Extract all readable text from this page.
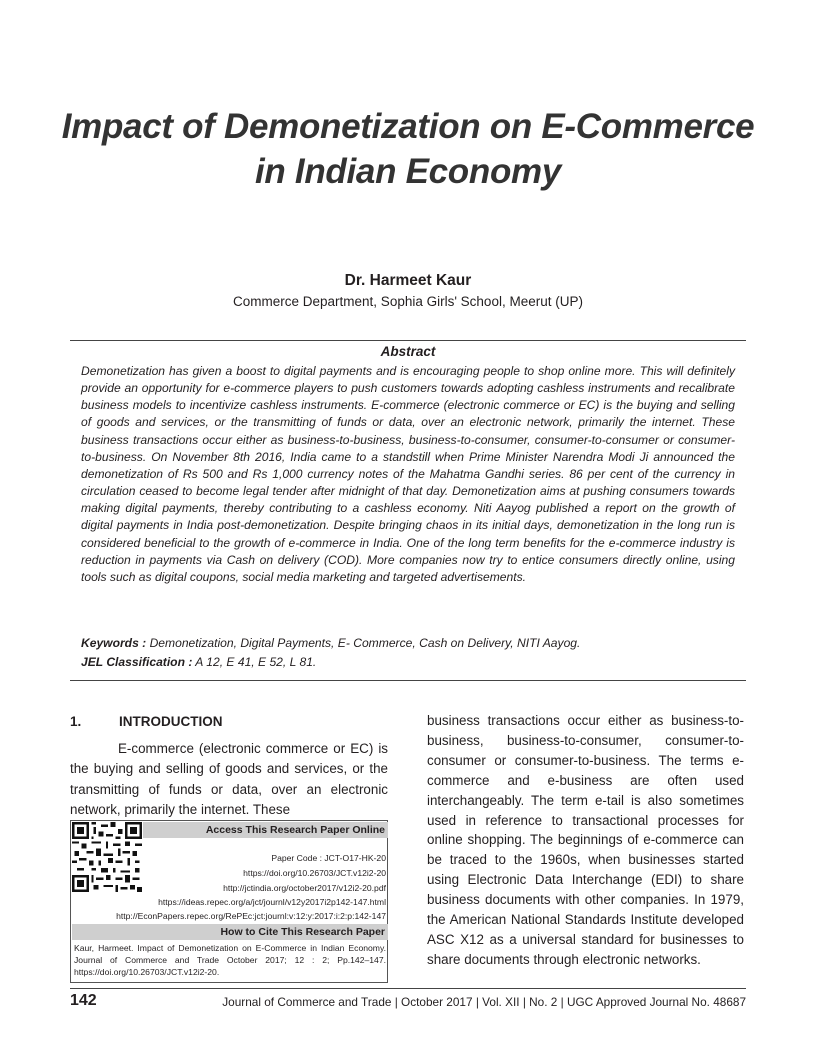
Impact of Demonetization on E-Commerce
in Indian Economy
Dr. Harmeet Kaur
Commerce Department, Sophia Girls' School, Meerut (UP)
Abstract
Demonetization has given a boost to digital payments and is encouraging people to shop online more. This will definitely provide an opportunity for e-commerce players to push customers towards adopting cashless instruments and recalibrate business models to incentivize cashless instruments. E-commerce (electronic commerce or EC) is the buying and selling of goods and services, or the transmitting of funds or data, over an electronic network, primarily the internet. These business transactions occur either as business-to-business, business-to-consumer, consumer-to-consumer or consumer-to-business. On November 8th 2016, India came to a standstill when Prime Minister Narendra Modi Ji announced the demonetization of Rs 500 and Rs 1,000 currency notes of the Mahatma Gandhi series. 86 per cent of the currency in circulation ceased to become legal tender after midnight of that day. Demonetization aims at pushing consumers towards making digital payments, thereby contributing to a cashless economy. Niti Aayog published a report on the growth of digital payments in India post-demonetization. Despite bringing chaos in its initial days, demonetization in the long run is considered beneficial to the growth of e-commerce in India. One of the long term benefits for the e-commerce industry is reduction in payments via Cash on delivery (COD). More companies now try to entice consumers directly online, using tools such as digital coupons, social media marketing and targeted advertisements.
Keywords : Demonetization, Digital Payments, E- Commerce, Cash on Delivery, NITI Aayog.
JEL Classification : A 12, E 41, E 52, L 81.
1.	INTRODUCTION
E-commerce (electronic commerce or EC) is the buying and selling of goods and services, or the transmitting of funds or data, over an electronic network, primarily the internet. These
business transactions occur either as business-to-business, business-to-consumer, consumer-to-consumer or consumer-to-business. The terms e-commerce and e-business are often used interchangeably. The term e-tail is also sometimes used in reference to transactional processes for online shopping. The beginnings of e-commerce can be traced to the 1960s, when businesses started using Electronic Data Interchange (EDI) to share business documents with other companies. In 1979, the American National Standards Institute developed ASC X12 as a universal standard for businesses to share documents through electronic networks.
Access This Research Paper Online
Paper Code : JCT-O17-HK-20
https://doi.org/10.26703/JCT.v12i2-20
http://jctindia.org/october2017/v12i2-20.pdf
https://ideas.repec.org/a/jct/journl/v12y2017i2p142-147.html
http://EconPapers.repec.org/RePEc:jct:journl:v:12:y:2017:i:2:p:142-147
How to Cite This Research Paper
Kaur, Harmeet. Impact of Demonetization on E-Commerce in Indian Economy. Journal of Commerce and Trade October 2017; 12 : 2; Pp.142–147. https://doi.org/10.26703/JCT.v12i2-20.
142	Journal of Commerce and Trade | October 2017 | Vol. XII | No. 2 | UGC Approved Journal No. 48687
